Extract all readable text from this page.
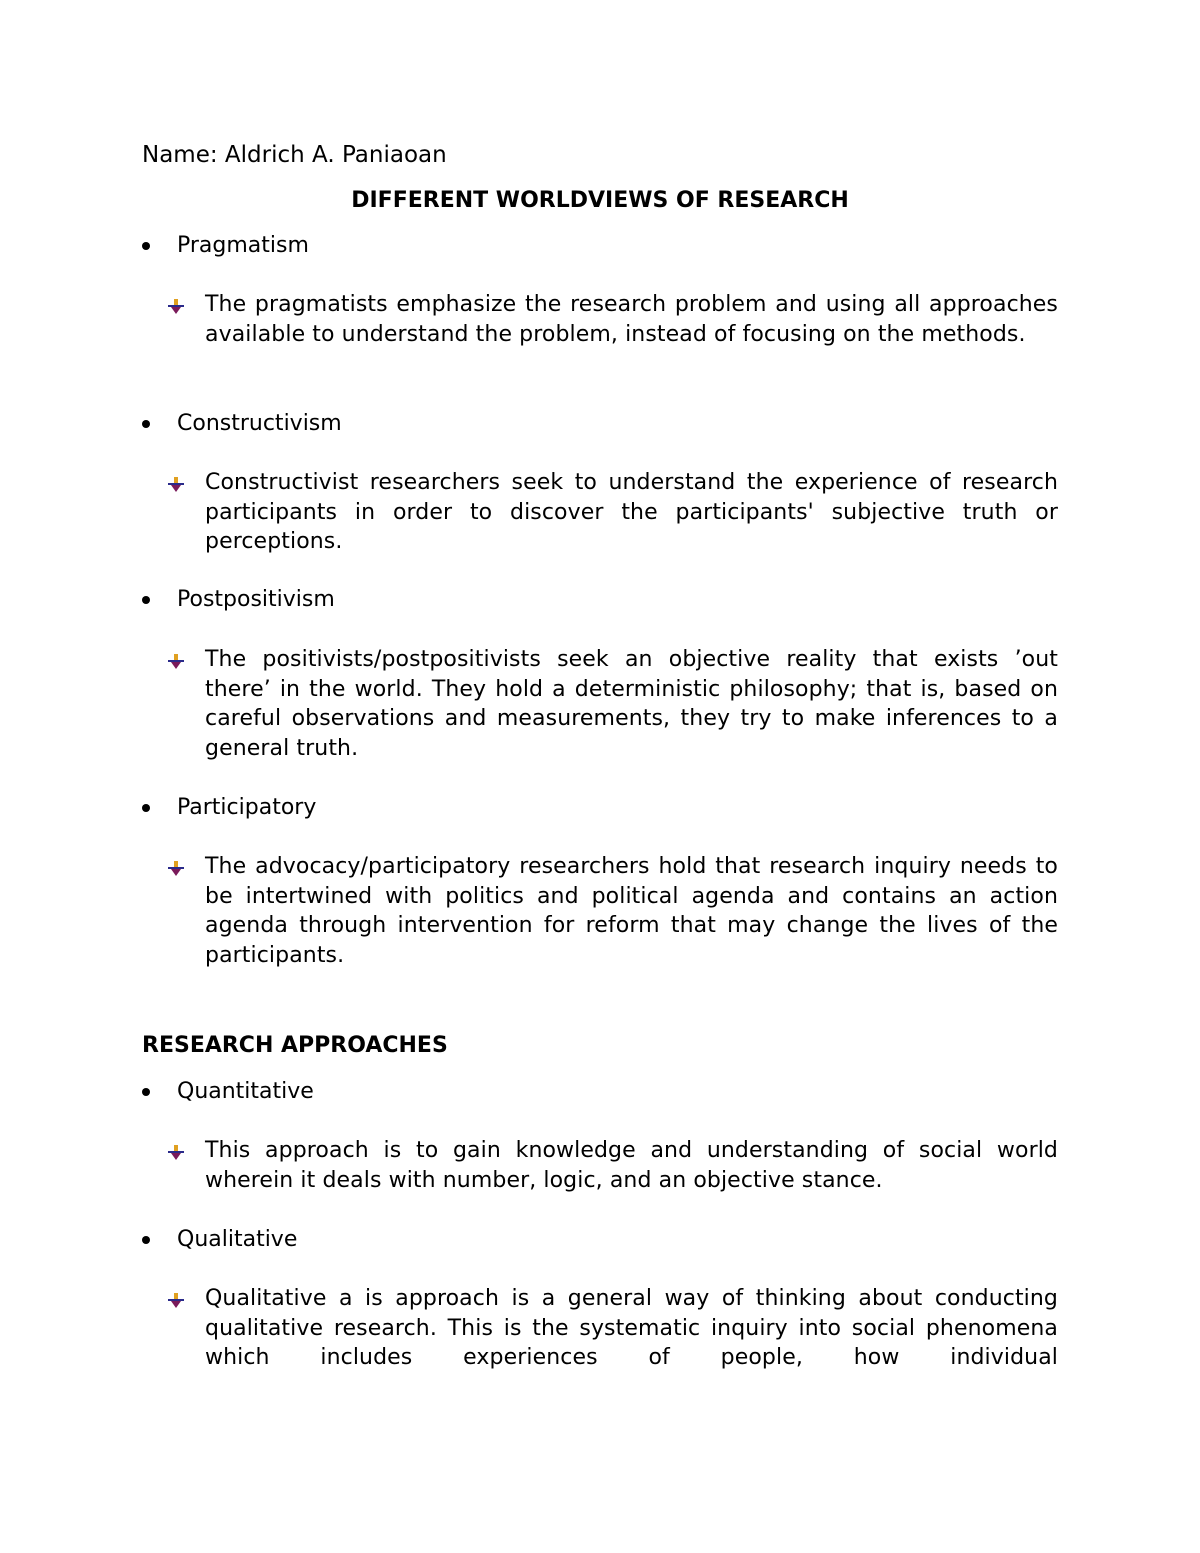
Name: Aldrich A. Paniaoan
DIFFERENT WORLDVIEWS OF RESEARCH
Pragmatism
The pragmatists emphasize the research problem and using all approaches available to understand the problem, instead of focusing on the methods.
Constructivism
Constructivist researchers seek to understand the experience of research participants in order to discover the participants' subjective truth or perceptions.
Postpositivism
The positivists/postpositivists seek an objective reality that exists ’out there’ in the world. They hold a deterministic philosophy; that is, based on careful observations and measurements, they try to make inferences to a general truth.
Participatory
The advocacy/participatory researchers hold that research inquiry needs to be intertwined with politics and political agenda and contains an action agenda through intervention for reform that may change the lives of the participants.
RESEARCH APPROACHES
Quantitative
This approach is to gain knowledge and understanding of social world wherein it deals with number, logic, and an objective stance.
Qualitative
Qualitative a is approach is a general way of thinking about conducting qualitative research. This is the systematic inquiry into social phenomena which includes experiences of people, how individual
